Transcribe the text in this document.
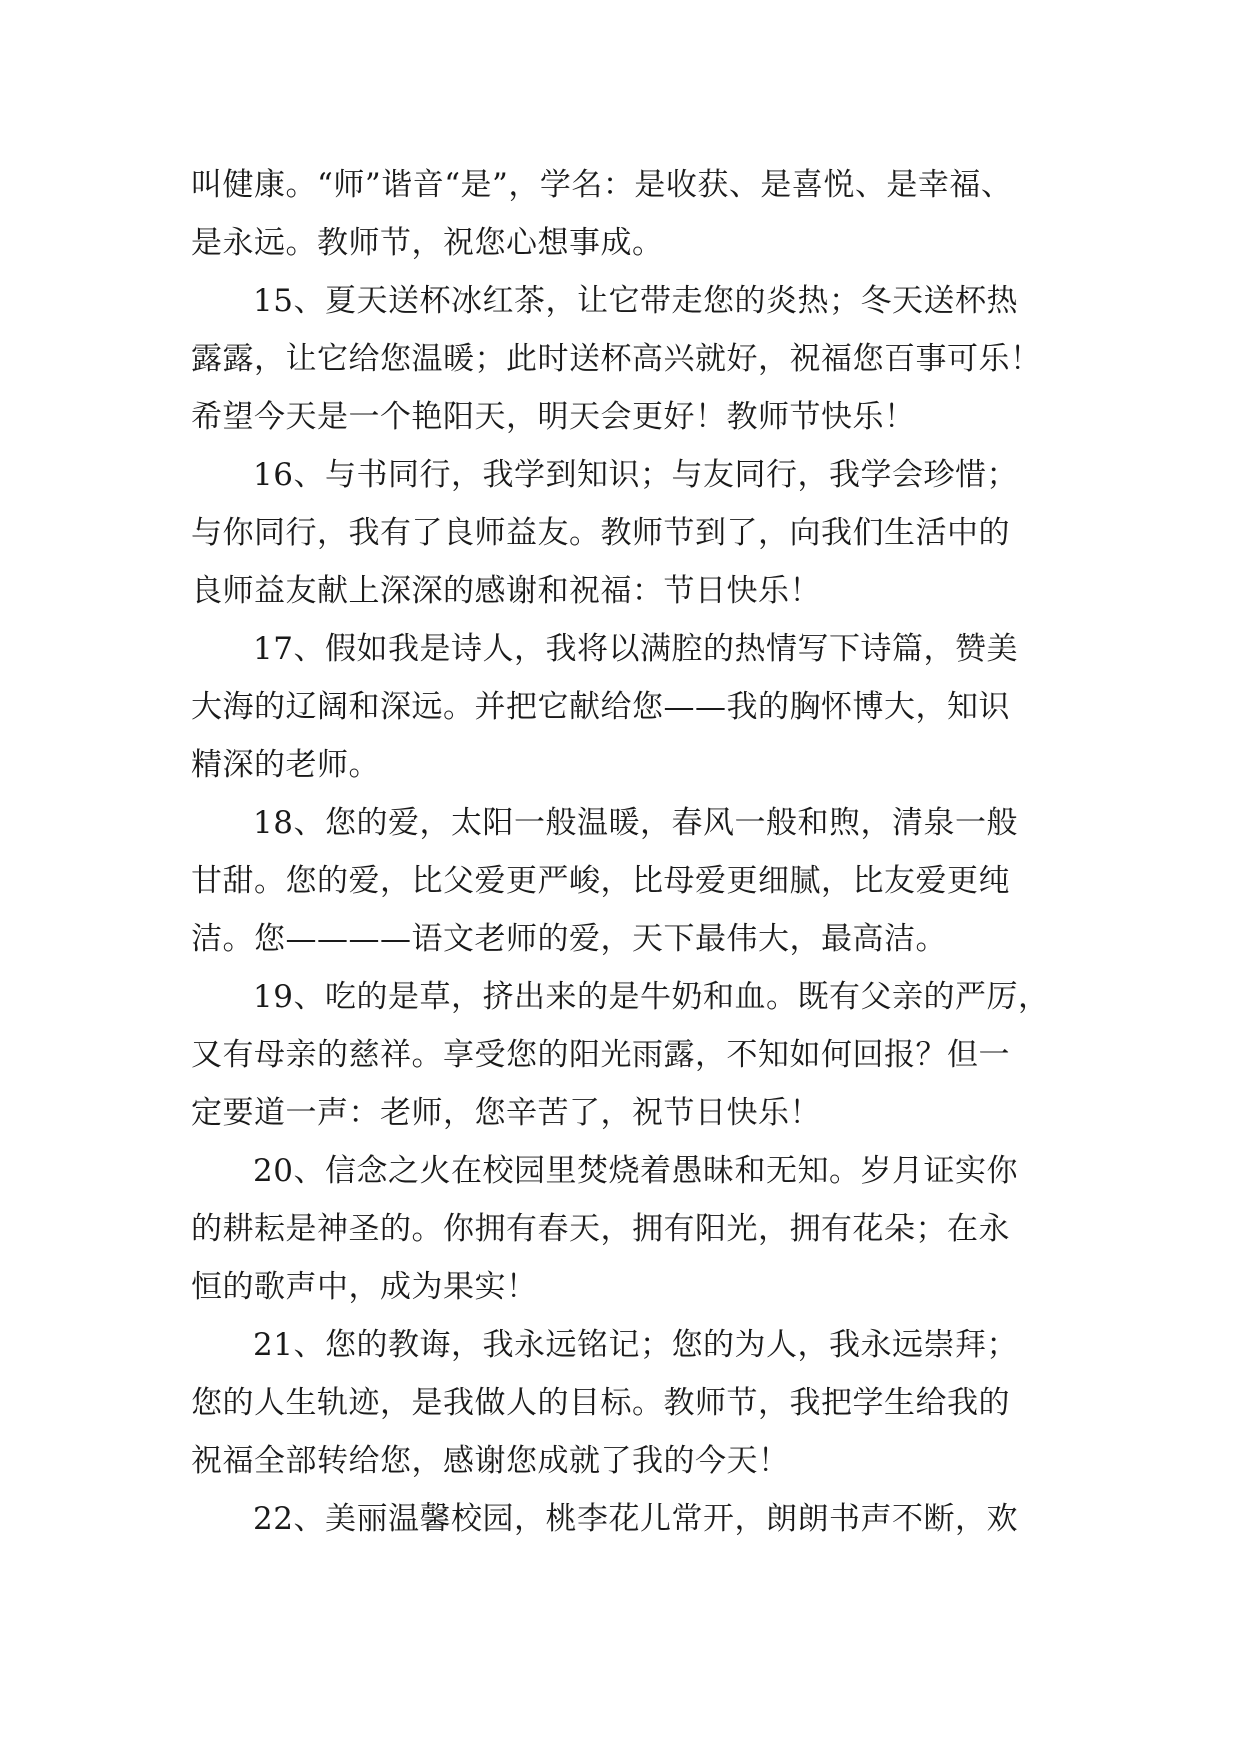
叫健康。“师”谐音“是”，学名：是收获、是喜悦、是幸福、
是永远。教师节，祝您心想事成。
15、夏天送杯冰红茶，让它带走您的炎热；冬天送杯热
露露，让它给您温暖；此时送杯高兴就好，祝福您百事可乐！
希望今天是一个艳阳天，明天会更好！教师节快乐！
16、与书同行，我学到知识；与友同行，我学会珍惜；
与你同行，我有了良师益友。教师节到了，向我们生活中的
良师益友献上深深的感谢和祝福：节日快乐！
17、假如我是诗人，我将以满腔的热情写下诗篇，赞美
大海的辽阔和深远。并把它献给您——我的胸怀博大，知识
精深的老师。
18、您的爱，太阳一般温暖，春风一般和煦，清泉一般
甘甜。您的爱，比父爱更严峻，比母爱更细腻，比友爱更纯
洁。您————语文老师的爱，天下最伟大，最高洁。
19、吃的是草，挤出来的是牛奶和血。既有父亲的严厉，
又有母亲的慈祥。享受您的阳光雨露，不知如何回报？但一
定要道一声：老师，您辛苦了，祝节日快乐！
20、信念之火在校园里焚烧着愚昧和无知。岁月证实你
的耕耘是神圣的。你拥有春天，拥有阳光，拥有花朵；在永
恒的歌声中，成为果实！
21、您的教诲，我永远铭记；您的为人，我永远崇拜；
您的人生轨迹，是我做人的目标。教师节，我把学生给我的
祝福全部转给您，感谢您成就了我的今天！
22、美丽温馨校园，桃李花儿常开，朗朗书声不断，欢
